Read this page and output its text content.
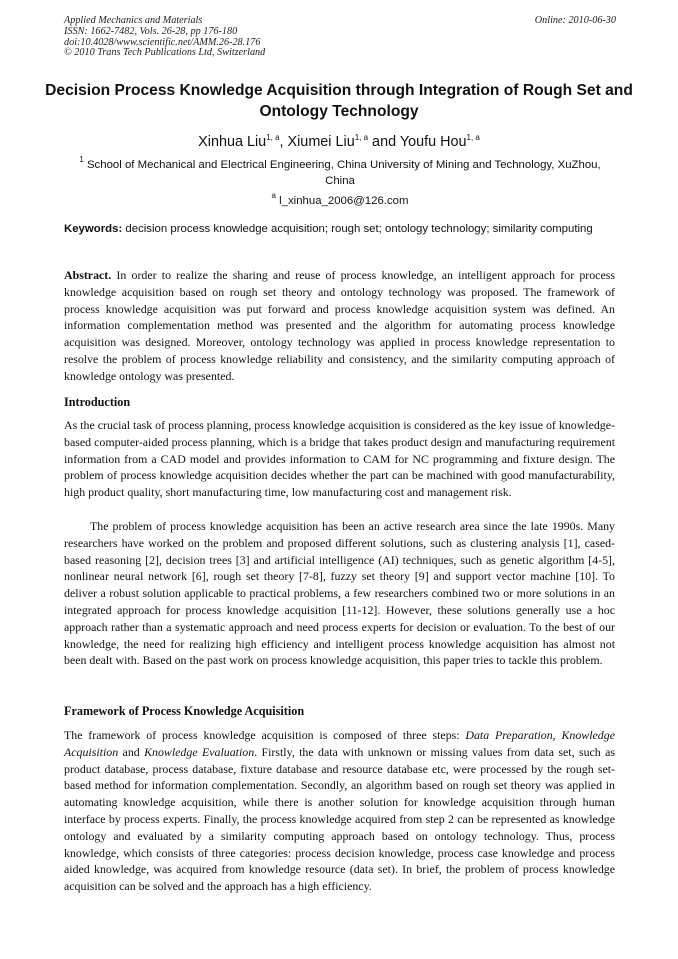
Applied Mechanics and Materials
ISSN: 1662-7482, Vols. 26-28, pp 176-180
doi:10.4028/www.scientific.net/AMM.26-28.176
© 2010 Trans Tech Publications Ltd, Switzerland
Online: 2010-06-30
Decision Process Knowledge Acquisition through Integration of Rough Set and Ontology Technology
Xinhua Liu$^{1, a}$, Xiumei Liu$^{1, a}$ and Youfu Hou$^{1, a}$
$^1$ School of Mechanical and Electrical Engineering, China University of Mining and Technology, XuZhou, China
$^a$ l_xinhua_2006@126.com
Keywords: decision process knowledge acquisition; rough set; ontology technology; similarity computing
Abstract. In order to realize the sharing and reuse of process knowledge, an intelligent approach for process knowledge acquisition based on rough set theory and ontology technology was proposed. The framework of process knowledge acquisition was put forward and process knowledge acquisition system was defined. An information complementation method was presented and the algorithm for automating process knowledge acquisition was designed. Moreover, ontology technology was applied in process knowledge representation to resolve the problem of process knowledge reliability and consistency, and the similarity computing approach of knowledge ontology was presented.
Introduction
As the crucial task of process planning, process knowledge acquisition is considered as the key issue of knowledge-based computer-aided process planning, which is a bridge that takes product design and manufacturing requirement information from a CAD model and provides information to CAM for NC programming and fixture design. The problem of process knowledge acquisition decides whether the part can be machined with good manufacturability, high product quality, short manufacturing time, low manufacturing cost and management risk.
The problem of process knowledge acquisition has been an active research area since the late 1990s. Many researchers have worked on the problem and proposed different solutions, such as clustering analysis [1], cased-based reasoning [2], decision trees [3] and artificial intelligence (AI) techniques, such as genetic algorithm [4-5], nonlinear neural network [6], rough set theory [7-8], fuzzy set theory [9] and support vector machine [10]. To deliver a robust solution applicable to practical problems, a few researchers combined two or more solutions in an integrated approach for process knowledge acquisition [11-12]. However, these solutions generally use a hoc approach rather than a systematic approach and need process experts for decision or evaluation. To the best of our knowledge, the need for realizing high efficiency and intelligent process knowledge acquisition has almost not been dealt with. Based on the past work on process knowledge acquisition, this paper tries to tackle this problem.
Framework of Process Knowledge Acquisition
The framework of process knowledge acquisition is composed of three steps: Data Preparation, Knowledge Acquisition and Knowledge Evaluation. Firstly, the data with unknown or missing values from data set, such as product database, process database, fixture database and resource database etc, were processed by the rough set-based method for information complementation. Secondly, an algorithm based on rough set theory was applied in automating knowledge acquisition, while there is another solution for knowledge acquisition through human interface by process experts. Finally, the process knowledge acquired from step 2 can be represented as knowledge ontology and evaluated by a similarity computing approach based on ontology technology. Thus, process knowledge, which consists of three categories: process decision knowledge, process case knowledge and process aided knowledge, was acquired from knowledge resource (data set). In brief, the problem of process knowledge acquisition can be solved and the approach has a high efficiency.
